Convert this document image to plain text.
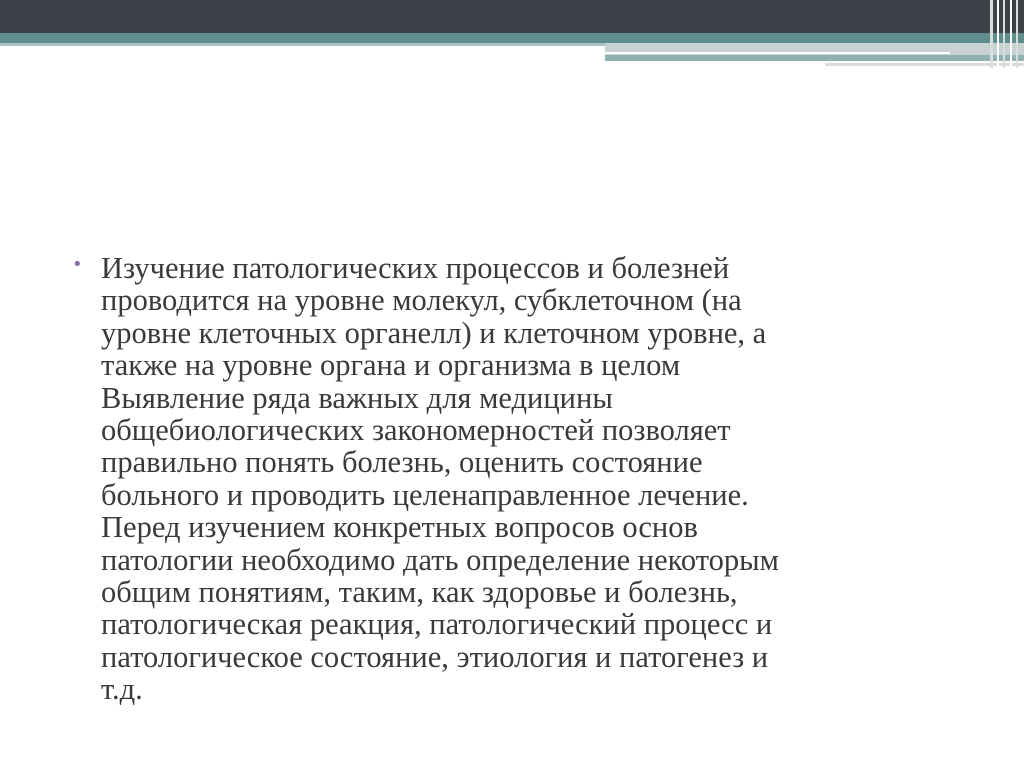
• Изучение патологических процессов и болезней
проводится на уровне молекул, субклеточном (на
уровне клеточных органелл) и клеточном уровне, а
также на уровне органа и организма в целом
Выявление ряда важных для медицины
общебиологических закономерностей позволяет
правильно понять болезнь, оценить состояние
больного и проводить целенаправленное лечение.
Перед изучением конкретных вопросов основ
патологии необходимо дать определение некоторым
общим понятиям, таким, как здоровье и болезнь,
патологическая реакция, патологический процесс и
патологическое состояние, этиология и патогенез и
т.д.
